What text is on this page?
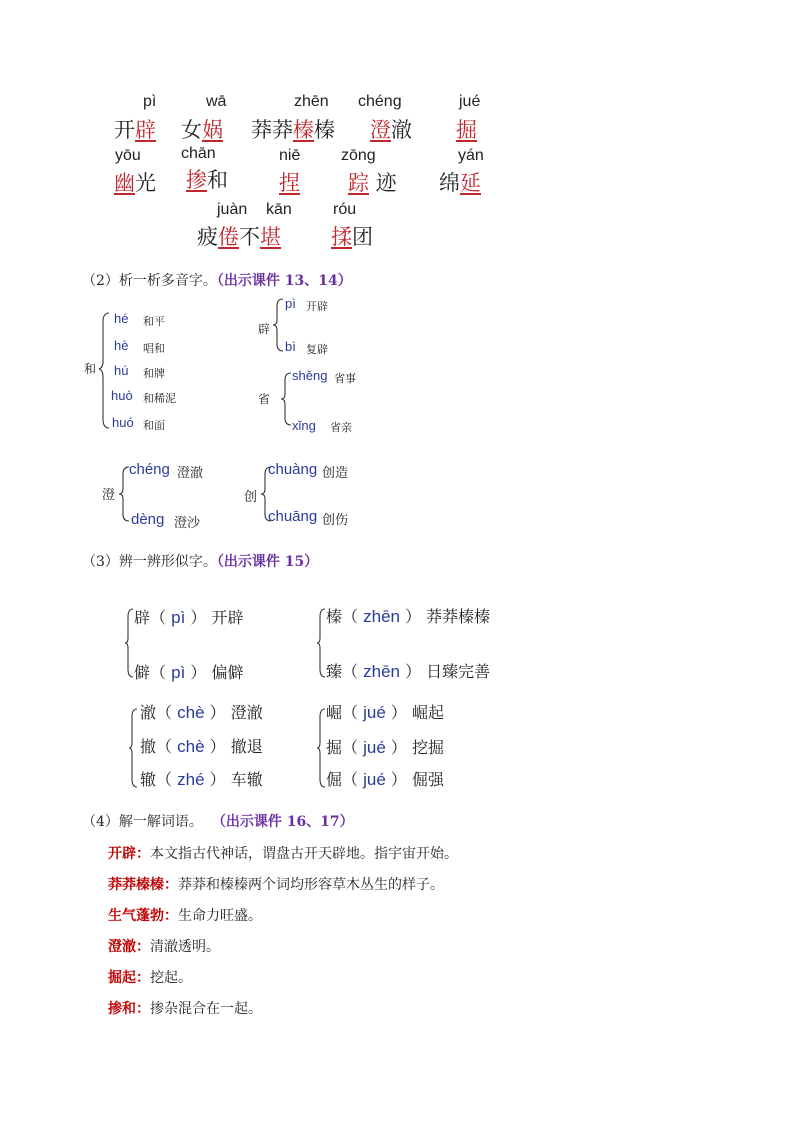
pì	wā	zhēn chéng	jué
开辟 女娲 莽莽榛榛 澄澈 掘
yōu	chān	niē	zōng	yán
幽光 掺和 捏 踪 迹 绵延
juàn kān	róu
疲倦不堪 揉团
（2）析一析多音字。（出示课件 13、14）
和
hé 和平
hè 唱和
hú 和牌
huò 和稀泥
huó 和面
辟
pì 开辟
bì 复辟
省
shěng 省事
xǐng 省亲
澄
chéng 澄澈
dèng 澄沙
创
chuàng 创造
chuāng 创伤
（3）辨一辨形似字。（出示课件 15）
辟（ pì ） 开辟
僻（ pì ） 偏僻
榛（ zhēn ） 莽莽榛榛
臻（ zhēn ） 日臻完善
澈（ chè ） 澄澈
撤（ chè ） 撤退
辙（ zhé ） 车辙
崛（ jué ） 崛起
掘（ jué ） 挖掘
倔（ jué ） 倔强
（4）解一解词语。 （出示课件 16、17）
开辟：本文指古代神话，谓盘古开天辟地。指宇宙开始。
莽莽榛榛：莽莽和榛榛两个词均形容草木丛生的样子。
生气蓬勃：生命力旺盛。
澄澈：清澈透明。
掘起：挖起。
掺和：掺杂混合在一起。
